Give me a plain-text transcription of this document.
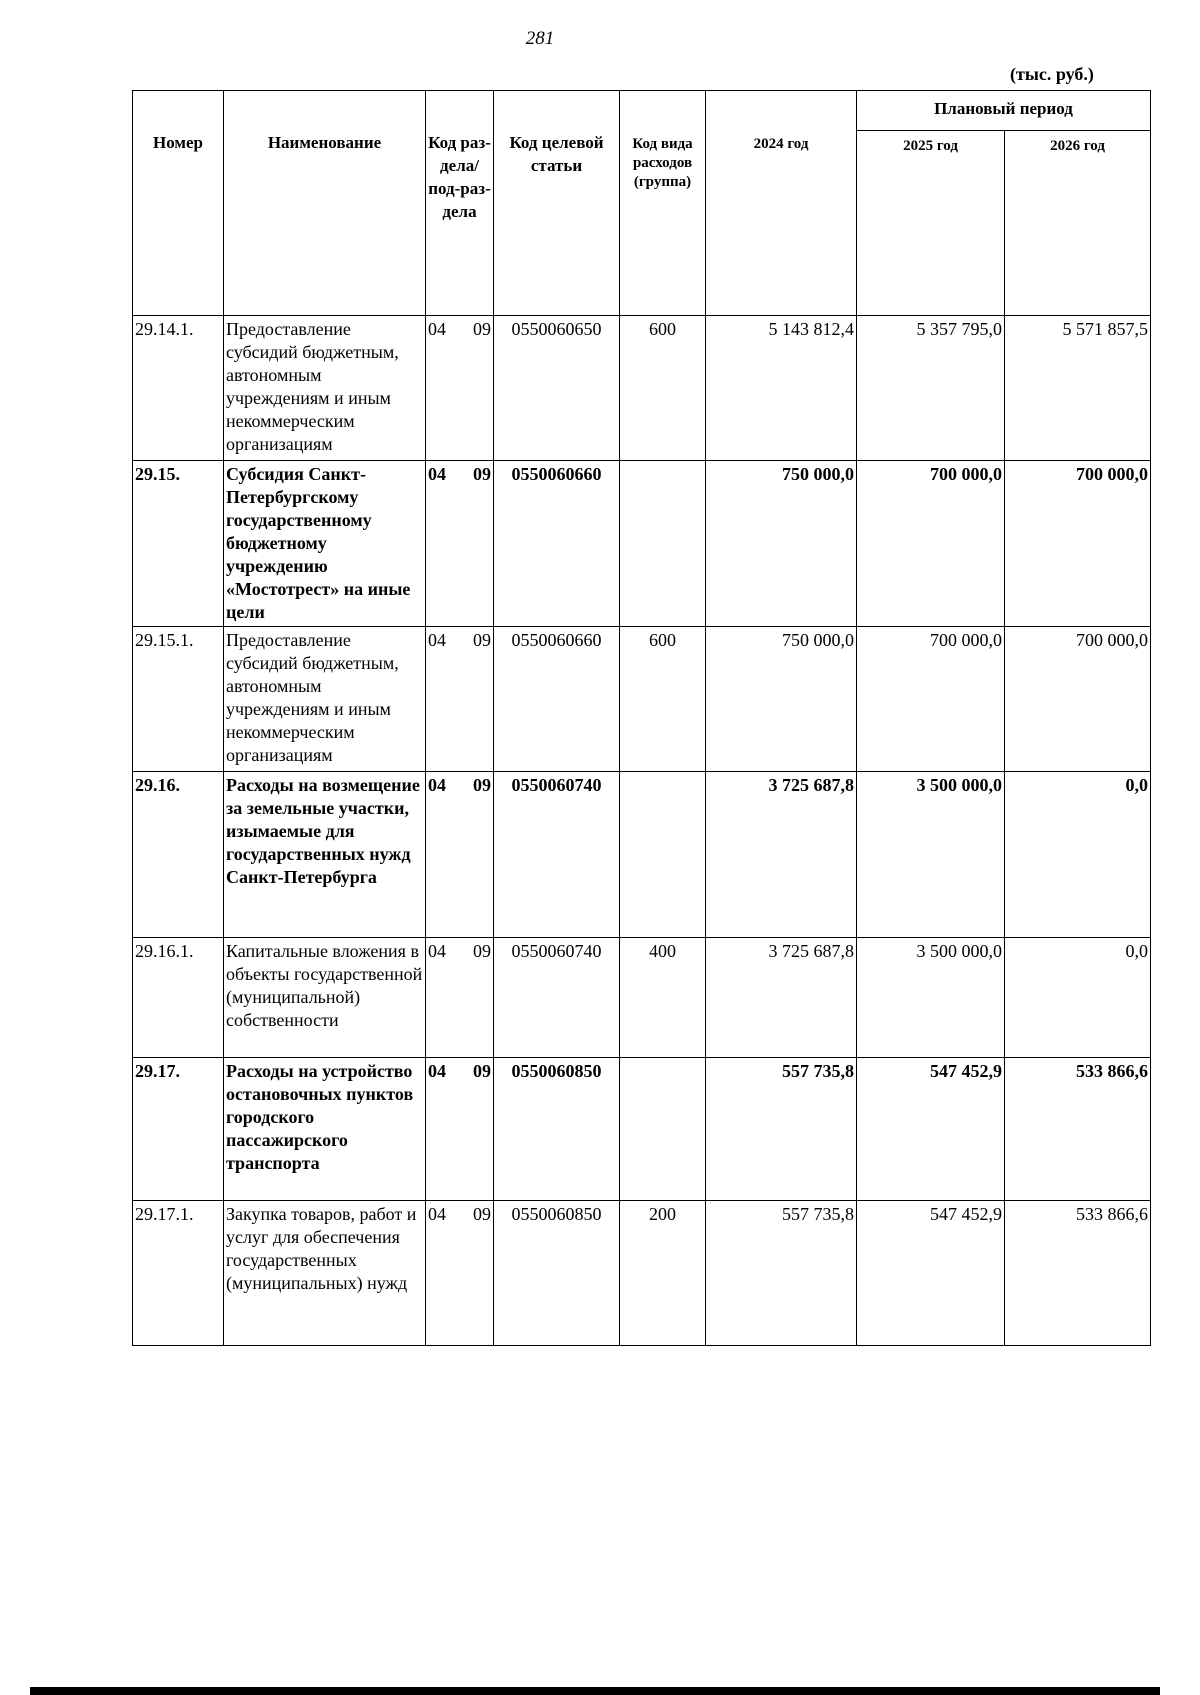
281
(тыс. руб.)
Номер	Наименование	Код раз-дела/ под-раз-дела	Код целевой статьи	Код вида расходов (группа)	2024 год	Плановый период	
						2025 год	2026 год
29.14.1.	Предоставление субсидий бюджетным, автономным учреждениям и иным некоммерческим организациям	04 09	0550060650	600	5 143 812,4	5 357 795,0	5 571 857,5
29.15.	Субсидия Санкт-Петербургскому государственному бюджетному учреждению «Мостотрест» на иные цели	04 09	0550060660		750 000,0	700 000,0	700 000,0
29.15.1.	Предоставление субсидий бюджетным, автономным учреждениям и иным некоммерческим организациям	04 09	0550060660	600	750 000,0	700 000,0	700 000,0
29.16.	Расходы на возмещение за земельные участки, изымаемые для государственных нужд Санкт-Петербурга	04 09	0550060740		3 725 687,8	3 500 000,0	0,0
29.16.1.	Капитальные вложения в объекты государственной (муниципальной) собственности	04 09	0550060740	400	3 725 687,8	3 500 000,0	0,0
29.17.	Расходы на устройство остановочных пунктов городского пассажирского транспорта	04 09	0550060850		557 735,8	547 452,9	533 866,6
29.17.1.	Закупка товаров, работ и услуг для обеспечения государственных (муниципальных) нужд	04 09	0550060850	200	557 735,8	547 452,9	533 866,6
